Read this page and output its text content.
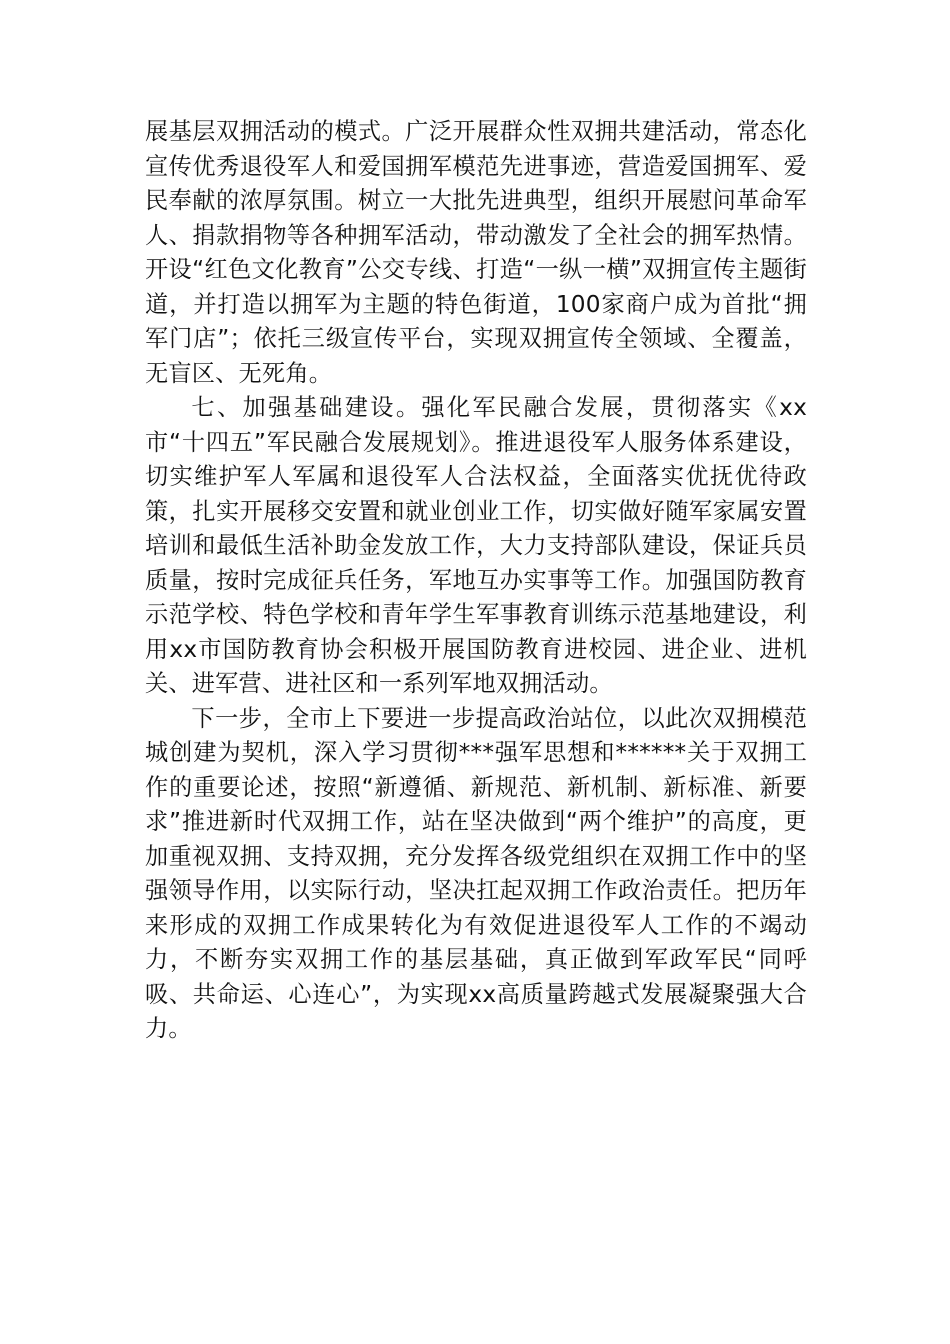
展基层双拥活动的模式。广泛开展群众性双拥共建活动，常态化宣传优秀退役军人和爱国拥军模范先进事迹，营造爱国拥军、爱民奉献的浓厚氛围。树立一大批先进典型，组织开展慰问革命军人、捐款捐物等各种拥军活动，带动激发了全社会的拥军热情。开设“红色文化教育”公交专线、打造“一纵一横”双拥宣传主题街道，并打造以拥军为主题的特色街道，100家商户成为首批“拥军门店”；依托三级宣传平台，实现双拥宣传全领域、全覆盖，无盲区、无死角。

七、加强基础建设。强化军民融合发展，贯彻落实《xx市“十四五”军民融合发展规划》。推进退役军人服务体系建设，切实维护军人军属和退役军人合法权益，全面落实优抚优待政策，扎实开展移交安置和就业创业工作，切实做好随军家属安置培训和最低生活补助金发放工作，大力支持部队建设，保证兵员质量，按时完成征兵任务，军地互办实事等工作。加强国防教育示范学校、特色学校和青年学生军事教育训练示范基地建设，利用xx市国防教育协会积极开展国防教育进校园、进企业、进机关、进军营、进社区和一系列军地双拥活动。

下一步，全市上下要进一步提高政治站位，以此次双拥模范城创建为契机，深入学习贯彻***强军思想和******关于双拥工作的重要论述，按照“新遵循、新规范、新机制、新标准、新要求”推进新时代双拥工作，站在坚决做到“两个维护”的高度，更加重视双拥、支持双拥，充分发挥各级党组织在双拥工作中的坚强领导作用，以实际行动，坚决扛起双拥工作政治责任。把历年来形成的双拥工作成果转化为有效促进退役军人工作的不竭动力，不断夯实双拥工作的基层基础，真正做到军政军民“同呼吸、共命运、心连心”，为实现xx高质量跨越式发展凝聚强大合力。
